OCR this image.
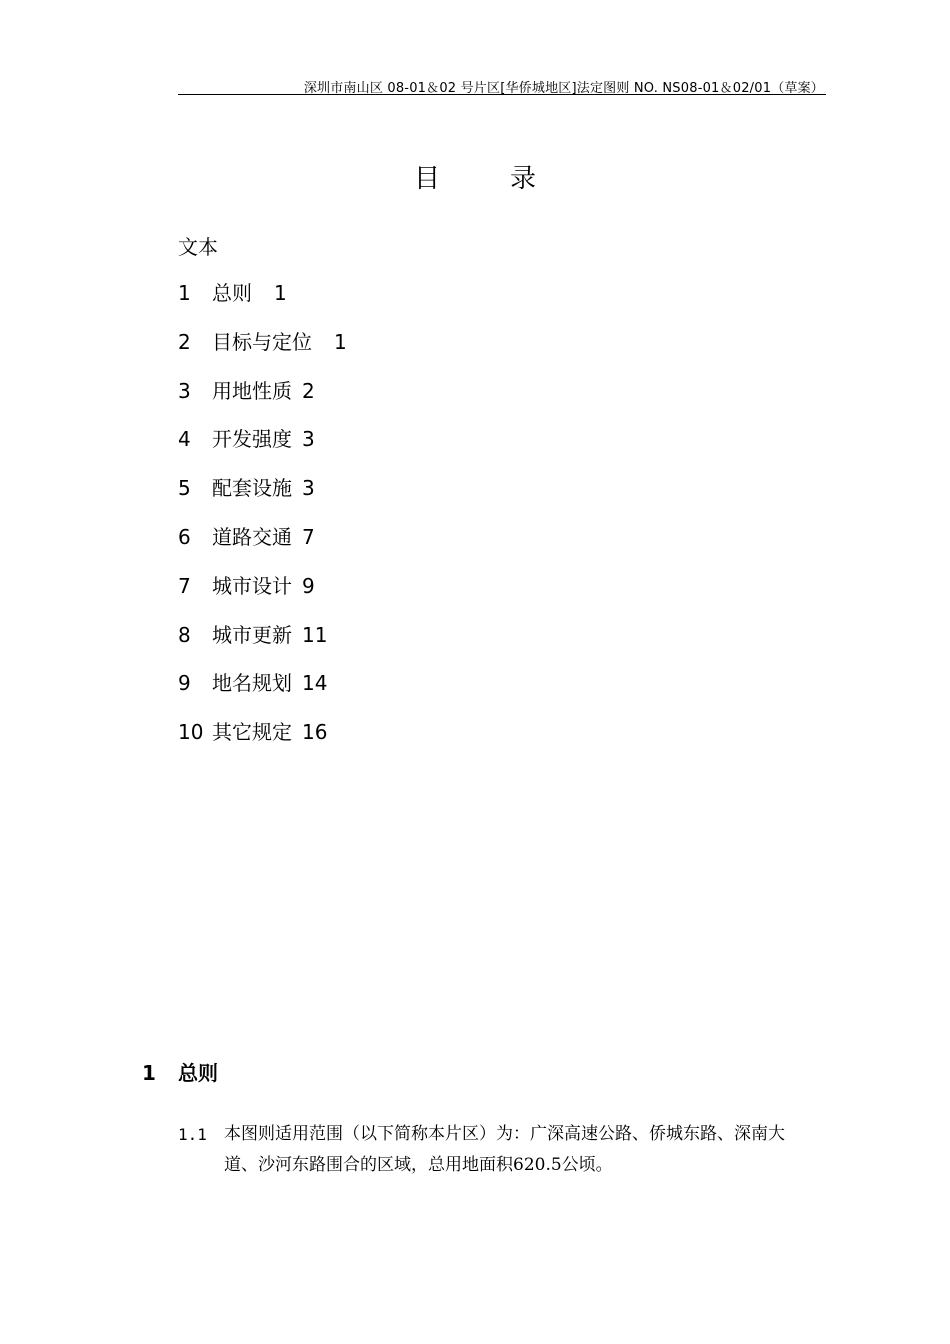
深圳市南山区 08-01＆02 号片区[华侨城地区]法定图则 NO. NS08-01＆02/01（草案）
目	录
文本
1 总则 1
2 目标与定位 1
3 用地性质 2
4 开发强度 3
5 配套设施 3
6 道路交通 7
7 城市设计 9
8 城市更新 11
9 地名规划 14
10 其它规定 16
1 总则
1.1 本图则适用范围（以下简称本片区）为：广深高速公路、侨城东路、深南大
道、沙河东路围合的区域，总用地面积620.5公顷。
